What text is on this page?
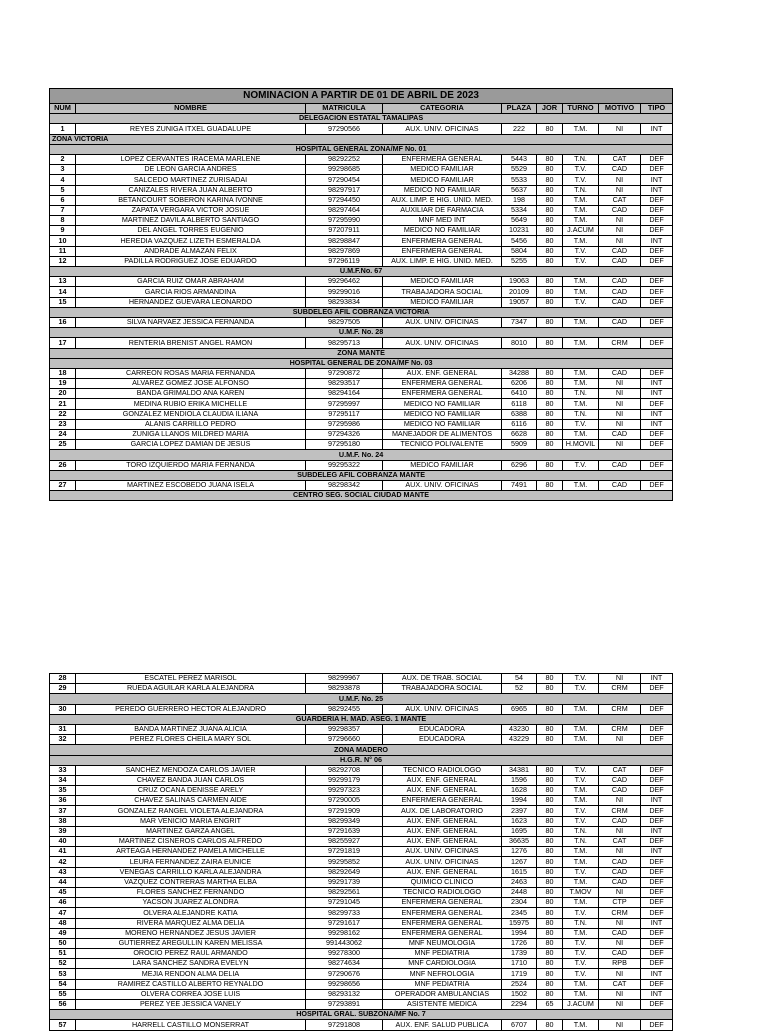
NOMINACION A PARTIR DE 01 DE ABRIL DE 2023								
NUM	NOMBRE	MATRICULA	CATEGORIA	PLAZA	JOR	TURNO	MOTIVO	TIPO
DELEGACION ESTATAL TAMALIPAS								
1	REYES ZUNIGA ITXEL GUADALUPE	97290566	AUX. UNIV. OFICINAS	222	80	T.M.	NI	INT
ZONA VICTORIA								
HOSPITAL GENERAL ZONA/MF No. 01								
2	LOPEZ CERVANTES IRACEMA MARLENE	98292252	ENFERMERA GENERAL	5443	80	T.N.	CAT	DEF
3	DE LEON GARCIA ANDRES	99298685	MEDICO FAMILIAR	5529	80	T.V.	CAD	DEF
4	SALCEDO MARTINEZ ZURISADAI	97290454	MEDICO FAMILIAR	5533	80	T.V.	NI	INT
5	CANIZALES RIVERA JUAN ALBERTO	98297917	MEDICO NO FAMILIAR	5637	80	T.N.	NI	INT
6	BETANCOURT SOBERON KARINA IVONNE	97294450	AUX. LIMP. E HIG. UNID. MED.	198	80	T.M.	CAT	DEF
7	ZAPATA VERGARA VICTOR JOSUE	98297464	AUXILIAR DE FARMACIA	5334	80	T.M.	CAD	DEF
8	MARTINEZ DAVILA ALBERTO SANTIAGO	97295990	MNF MED INT	5649	80	T.M.	NI	DEF
9	DEL ANGEL TORRES EUGENIO	97207911	MEDICO NO FAMILIAR	10231	80	J.ACUM	NI	DEF
10	HEREDIA VAZQUEZ LIZETH ESMERALDA	98298847	ENFERMERA GENERAL	5456	80	T.M.	NI	INT
11	ANDRADE ALMAZAN FELIX	98297869	ENFERMERA GENERAL	5804	80	T.V.	CAD	DEF
12	PADILLA RODRIGUEZ JOSE EDUARDO	97296119	AUX. LIMP. E HIG. UNID. MED.	5255	80	T.V.	CAD	DEF
U.M.F.No. 67								
13	GARCIA RUIZ OMAR ABRAHAM	99296462	MEDICO FAMILIAR	19063	80	T.M.	CAD	DEF
14	GARCIA RIOS ARMANDINA	99299016	TRABAJADORA SOCIAL	20109	80	T.M.	CAD	DEF
15	HERNANDEZ GUEVARA LEONARDO	98293834	MEDICO FAMILIAR	19057	80	T.V.	CAD	DEF
SUBDELEG AFIL COBRANZA VICTORIA								
16	SILVA NARVAEZ JESSICA FERNANDA	98297505	AUX. UNIV. OFICINAS	7347	80	T.M.	CAD	DEF
U.M.F. No. 28								
17	RENTERIA BRENIST ANGEL RAMON	98295713	AUX. UNIV. OFICINAS	8010	80	T.M.	CRM	DEF
ZONA MANTE								
HOSPITAL GENERAL DE ZONA/MF No. 03								
18	CARREON ROSAS MARIA FERNANDA	97290872	AUX. ENF. GENERAL	34288	80	T.M.	CAD	DEF
19	ALVAREZ GOMEZ JOSE ALFONSO	98293517	ENFERMERA GENERAL	6206	80	T.M.	NI	INT
20	BANDA GRIMALDO ANA KAREN	98294164	ENFERMERA GENERAL	6410	80	T.N.	NI	INT
21	MEDINA RUBIO ERIKA MICHELLE	97295997	MEDICO NO FAMILIAR	6118	80	T.M.	NI	DEF
22	GONZALEZ MENDIOLA CLAUDIA ILIANA	97295117	MEDICO NO FAMILIAR	6388	80	T.N.	NI	INT
23	ALANIS CARRILLO PEDRO	97295986	MEDICO NO FAMILIAR	6116	80	T.V.	NI	INT
24	ZUNIGA LLANOS MILDRED MARIA	97294326	MANEJADOR DE ALIMENTOS	6628	80	T.M.	CAD	DEF
25	GARCIA LOPEZ DAMIAN DE JESUS	97295180	TECNICO POLIVALENTE	5909	80	H.MOVIL	NI	DEF
U.M.F. No. 24								
26	TORO IZQUIERDO MARIA FERNANDA	99295322	MEDICO FAMILIAR	6296	80	T.V.	CAD	DEF
SUBDELEG AFIL COBRANZA MANTE								
27	MARTINEZ ESCOBEDO JUANA ISELA	98298342	AUX. UNIV. OFICINAS	7491	80	T.M.	CAD	DEF
CENTRO SEG. SOCIAL CIUDAD MANTE								
28	ESCATEL PEREZ MARISOL	98299967	AUX. DE TRAB. SOCIAL	54	80	T.V.	NI	INT
29	RUEDA AGUILAR KARLA ALEJANDRA	98293878	TRABAJADORA SOCIAL	52	80	T.V.	CRM	DEF
U.M.F. No. 25								
30	PEREDO GUERRERO HECTOR ALEJANDRO	98292455	AUX. UNIV. OFICINAS	6965	80	T.M.	CRM	DEF
GUARDERIA H. MAD. ASEG. 1 MANTE								
31	BANDA MARTINEZ JUANA ALICIA	99298357	EDUCADORA	43230	80	T.M.	CRM	DEF
32	PEREZ FLORES CHEILA MARY SOL	97296660	EDUCADORA	43229	80	T.M.	NI	DEF
ZONA MADERO								
H.G.R. N° 06								
33	SANCHEZ MENDOZA CARLOS JAVIER	98292708	TECNICO RADIOLOGO	34381	80	T.V.	CAT	DEF
34	CHAVEZ BANDA JUAN CARLOS	99299179	AUX. ENF. GENERAL	1596	80	T.V.	CAD	DEF
35	CRUZ OCANA DENISSE ARELY	99297323	AUX. ENF. GENERAL	1628	80	T.M.	CAD	DEF
36	CHAVEZ SALINAS CARMEN AIDE	97290005	ENFERMERA GENERAL	1994	80	T.M.	NI	INT
37	GONZALEZ RANGEL VIOLETA ALEJANDRA	97291909	AUX. DE LABORATORIO	2397	80	T.V.	CRM	DEF
38	MAR VENICIO MARIA ENGRIT	98299349	AUX. ENF. GENERAL	1623	80	T.V.	CAD	DEF
39	MARTINEZ GARZA ANGEL	97291639	AUX. ENF. GENERAL	1695	80	T.N.	NI	INT
40	MARTINEZ CISNEROS CARLOS ALFREDO	98255927	AUX. ENF. GENERAL	36635	80	T.N.	CAT	DEF
41	ARTEAGA HERNANDEZ PAMELA MICHELLE	97291819	AUX. UNIV. OFICINAS	1276	80	T.M.	NI	INT
42	LEURA FERNANDEZ ZAIRA EUNICE	99295852	AUX. UNIV. OFICINAS	1267	80	T.M.	CAD	DEF
43	VENEGAS CARRILLO KARLA ALEJANDRA	98292649	AUX. ENF. GENERAL	1615	80	T.V.	CAD	DEF
44	VAZQUEZ CONTRERAS MARTHA ELBA	99291739	QUIMICO CLINICO	2463	80	T.M.	CAD	DEF
45	FLORES SANCHEZ FERNANDO	98292561	TECNICO RADIOLOGO	2448	80	T.MOV	NI	DEF
46	YACSON JUAREZ ALONDRA	97291045	ENFERMERA GENERAL	2304	80	T.M.	CTP	DEF
47	OLVERA ALEJANDRE KATIA	98299733	ENFERMERA GENERAL	2345	80	T.V.	CRM	DEF
48	RIVERA MARQUEZ ALMA DELIA	97291617	ENFERMERA GENERAL	15975	80	T.N.	NI	INT
49	MORENO HERNANDEZ JESUS JAVIER	99298162	ENFERMERA GENERAL	1994	80	T.M.	CAD	DEF
50	GUTIERREZ AREGULLIN KAREN MELISSA	991443062	MNF NEUMOLOGIA	1726	80	T.V.	NI	DEF
51	OROCIO PEREZ RAUL ARMANDO	99278300	MNF PEDIATRIA	1739	80	T.V.	CAD	DEF
52	LARA SANCHEZ SANDRA EVELYN	98274634	MNF CARDIOLOGIA	1710	80	T.V.	RPB	DEF
53	MEJIA RENDON ALMA DELIA	97290676	MNF NEFROLOGIA	1719	80	T.V.	NI	INT
54	RAMIREZ CASTILLO ALBERTO REYNALDO	99298656	MNF PEDIATRIA	2524	80	T.M.	CAT	DEF
55	OLVERA CORREA JOSE LUIS	98293132	OPERADOR AMBULANCIAS	1502	80	T.M.	NI	INT
56	PEREZ YEE JESSICA VANELY	97293891	ASISTENTE MEDICA	2294	65	J.ACUM	NI	DEF
HOSPITAL GRAL. SUBZONA/MF No. 7								
57	HARRELL CASTILLO MONSERRAT	97291808	AUX. ENF. SALUD PUBLICA	6707	80	T.M.	NI	DEF
